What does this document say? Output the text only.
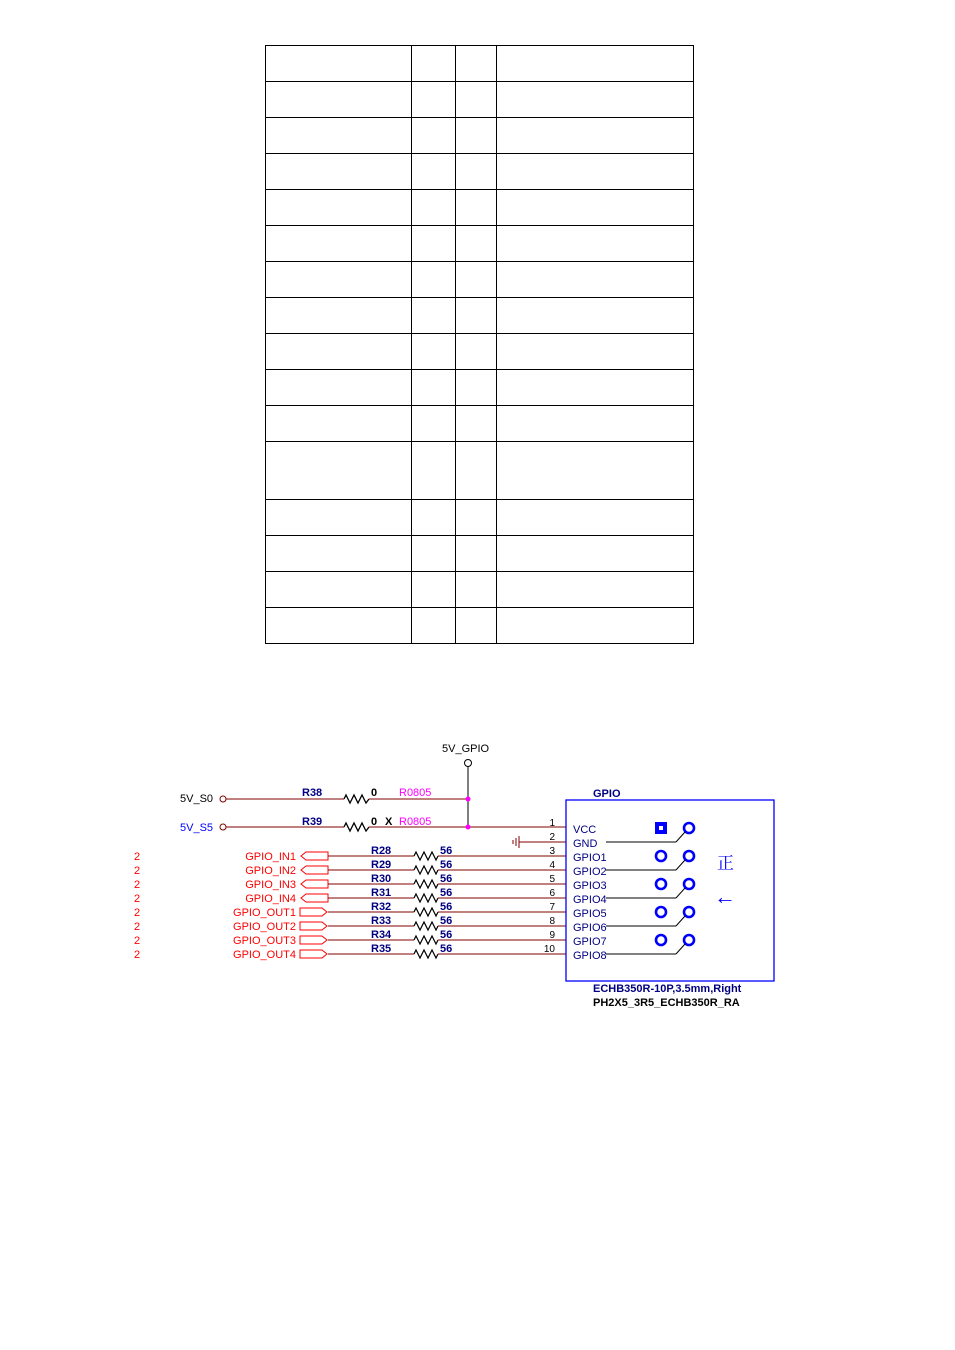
5V_GPIO
5V_S0	R38	0 R0805
5V_S5	R39	0 X R0805
2	GPIO_IN1	R28	56
2	GPIO_IN2	R29	56
2	GPIO_IN3	R30	56
2	GPIO_IN4	R31	56
2	GPIO_OUT1	R32	56
2	GPIO_OUT2	R33	56
2	GPIO_OUT3	R34	56
2	GPIO_OUT4	R35	56
GPIO
1
VCC
2
GND
3
GPIO1
4
GPIO2
5
GPIO3
6
GPIO4
7
GPIO5
8
GPIO6
9
GPIO7
10
GPIO8
正
←
ECHB350R-10P,3.5mm,Right
PH2X5_3R5_ECHB350R_RA
